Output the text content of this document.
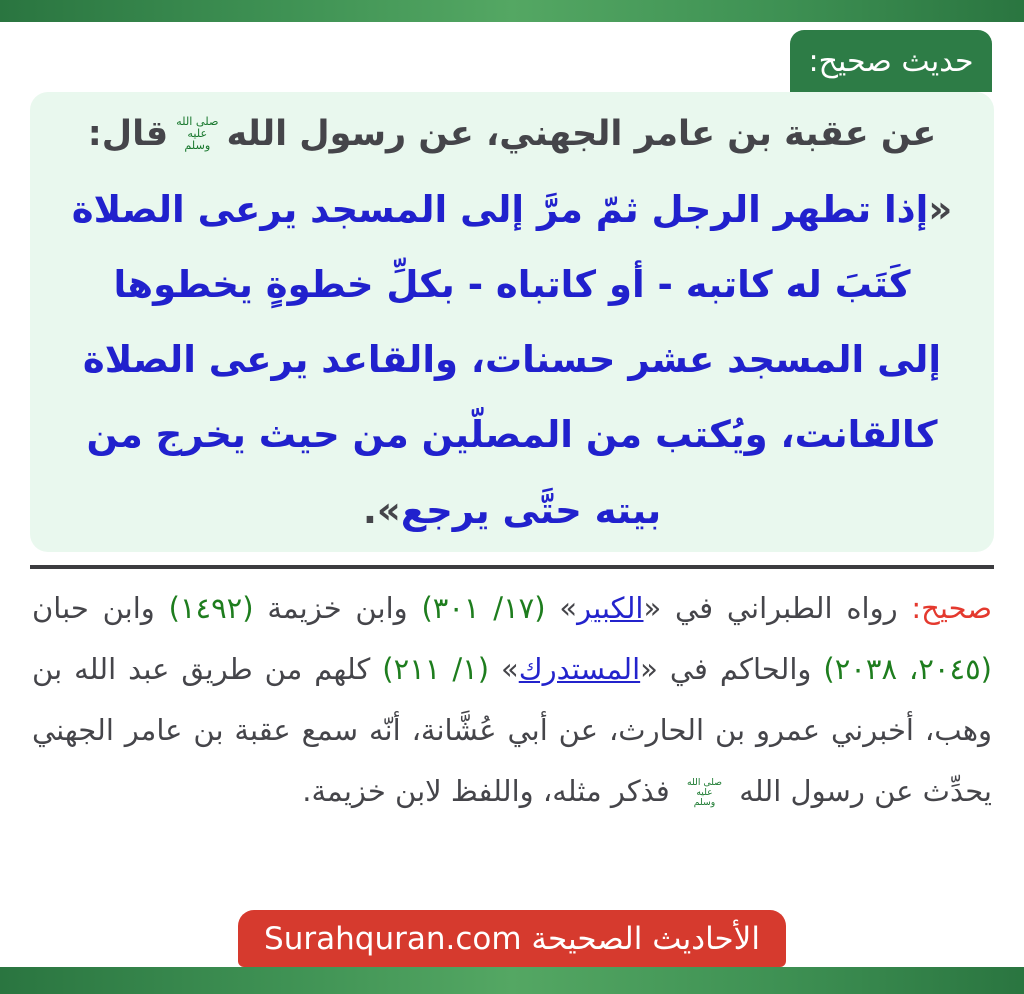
حديث صحيح:
عن عقبة بن عامر الجهني، عن رسول الله
صلى الله
عليه
وسلم
قال:
«
إذا تطهر الرجل ثمّ مرَّ إلى المسجد يرعى الصلاة
كَتَبَ له كاتبه - أو كاتباه - بكلِّ خطوةٍ يخطوها
إلى المسجد عشر حسنات، والقاعد يرعى الصلاة
كالقانت، ويُكتب من المصلّين من حيث يخرج من
بيته حتَّى يرجع
».

صحيح: رواه الطبراني في «الكبير» (١٧/ ٣٠١) وابن خزيمة (١٤٩٢) وابن حبان (٢٠٤٥، ٢٠٣٨) والحاكم في «المستدرك» (١/ ٢١١) كلهم من طريق عبد الله بن وهب، أخبرني عمرو بن الحارث، عن أبي عُشَّانة، أنّه سمع عقبة بن عامر الجهني يحدِّث عن رسول الله
صلى الله
عليه
وسلم
فذكر مثله، واللفظ لابن خزيمة.

الأحاديث الصحيحة Surahquran.com
